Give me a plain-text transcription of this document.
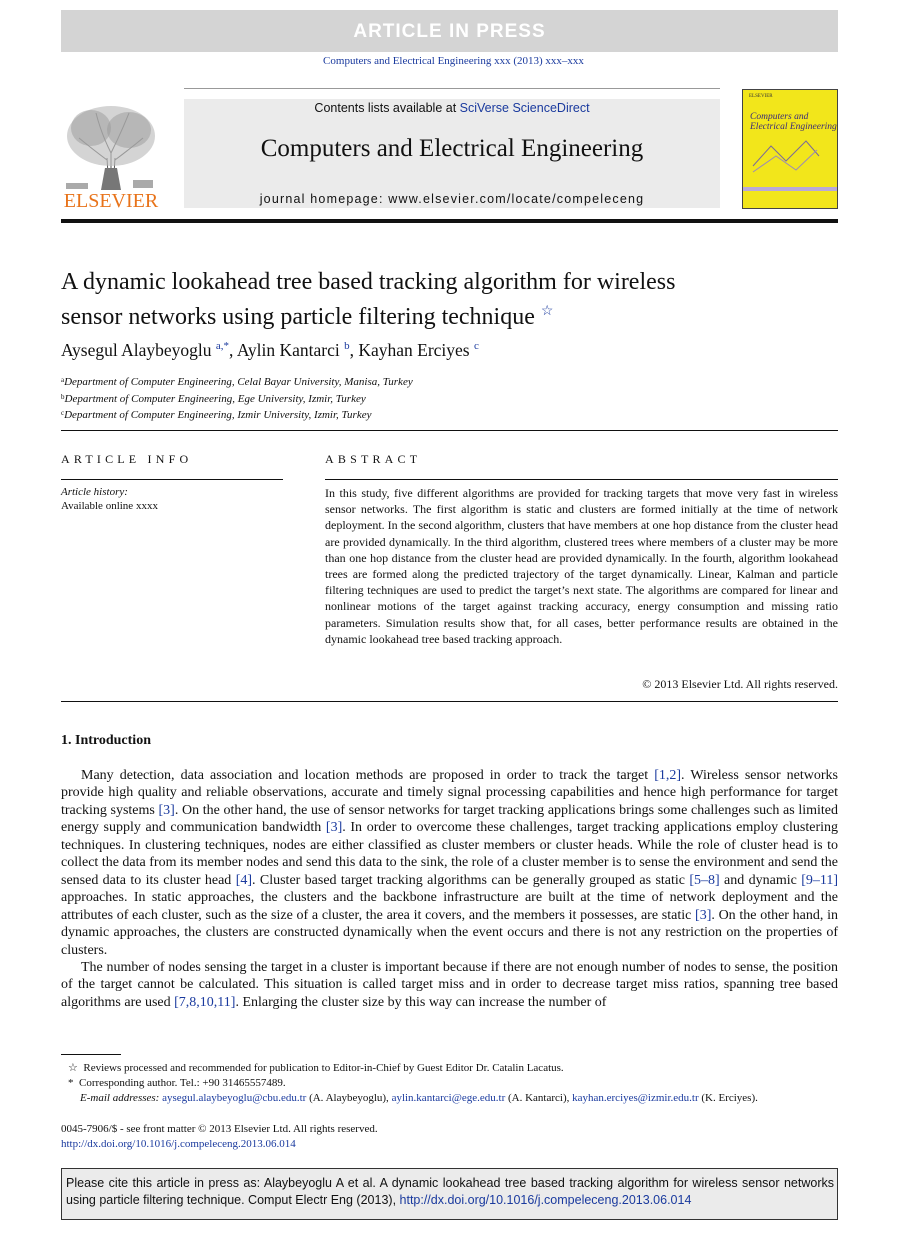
ARTICLE IN PRESS
Computers and Electrical Engineering xxx (2013) xxx–xxx
ELSEVIER
Contents lists available at SciVerse ScienceDirect
Computers and Electrical Engineering
journal homepage: www.elsevier.com/locate/compeleceng
ELSEVIER
Computers and
Electrical Engineering
A dynamic lookahead tree based tracking algorithm for wireless
sensor networks using particle filtering technique ☆
Aysegul Alaybeyoglu $^{a,*}$, Aylin Kantarci $^b$, Kayhan Erciyes $^c$
$^a$Department of Computer Engineering, Celal Bayar University, Manisa, Turkey
$^b$Department of Computer Engineering, Ege University, Izmir, Turkey
$^c$Department of Computer Engineering, Izmir University, Izmir, Turkey
ARTICLE INFO
Article history:
Available online xxxx
ABSTRACT
In this study, five different algorithms are provided for tracking targets that move very fast in wireless sensor networks. The first algorithm is static and clusters are formed initially at the time of network deployment. In the second algorithm, clusters that have members at one hop distance from the cluster head are provided dynamically. In the third algorithm, clustered trees where members of a cluster may be more than one hop distance from the cluster head are provided dynamically. In the fourth, algorithm lookahead trees are formed along the predicted trajectory of the target dynamically. Linear, Kalman and particle filtering techniques are used to predict the target’s next state. The algorithms are compared for linear and nonlinear motions of the target against tracking accuracy, energy consumption and missing ratio parameters. Simulation results show that, for all cases, better performance results are obtained in the dynamic lookahead tree based tracking approach.
© 2013 Elsevier Ltd. All rights reserved.
1. Introduction

Many detection, data association and location methods are proposed in order to track the target [1,2]. Wireless sensor networks provide high quality and reliable observations, accurate and timely signal processing capabilities and hence high performance for target tracking systems [3]. On the other hand, the use of sensor networks for target tracking applications brings some challenges such as limited energy supply and communication bandwidth [3]. In order to overcome these challenges, target tracking applications employ clustering techniques. In clustering techniques, nodes are either classified as cluster members or cluster heads. While the role of cluster head is to collect the data from its member nodes and send this data to the sink, the role of a cluster member is to sense the environment and send the sensed data to its cluster head [4]. Cluster based target tracking algorithms can be generally grouped as static [5–8] and dynamic [9–11] approaches. In static approaches, the clusters and the backbone infrastructure are built at the time of network deployment and the attributes of each cluster, such as the size of a cluster, the area it covers, and the members it possesses, are static [3]. On the other hand, in dynamic approaches, the clusters are constructed dynamically when the event occurs and there is not any restriction on the properties of clusters.

The number of nodes sensing the target in a cluster is important because if there are not enough number of nodes to sense, the position of the target cannot be calculated. This situation is called target miss and in order to decrease target miss ratios, spanning tree based algorithms are used [7,8,10,11]. Enlarging the cluster size by this way can increase the number of

☆ Reviews processed and recommended for publication to Editor-in-Chief by Guest Editor Dr. Catalin Lacatus.
* Corresponding author. Tel.: +90 31465557489.
E-mail addresses: aysegul.alaybeyoglu@cbu.edu.tr (A. Alaybeyoglu), aylin.kantarci@ege.edu.tr (A. Kantarci), kayhan.erciyes@izmir.edu.tr (K. Erciyes).
0045-7906/$ - see front matter © 2013 Elsevier Ltd. All rights reserved.
http://dx.doi.org/10.1016/j.compeleceng.2013.06.014
Please cite this article in press as: Alaybeyoglu A et al. A dynamic lookahead tree based tracking algorithm for wireless sensor networks using particle filtering technique. Comput Electr Eng (2013), http://dx.doi.org/10.1016/j.compeleceng.2013.06.014
